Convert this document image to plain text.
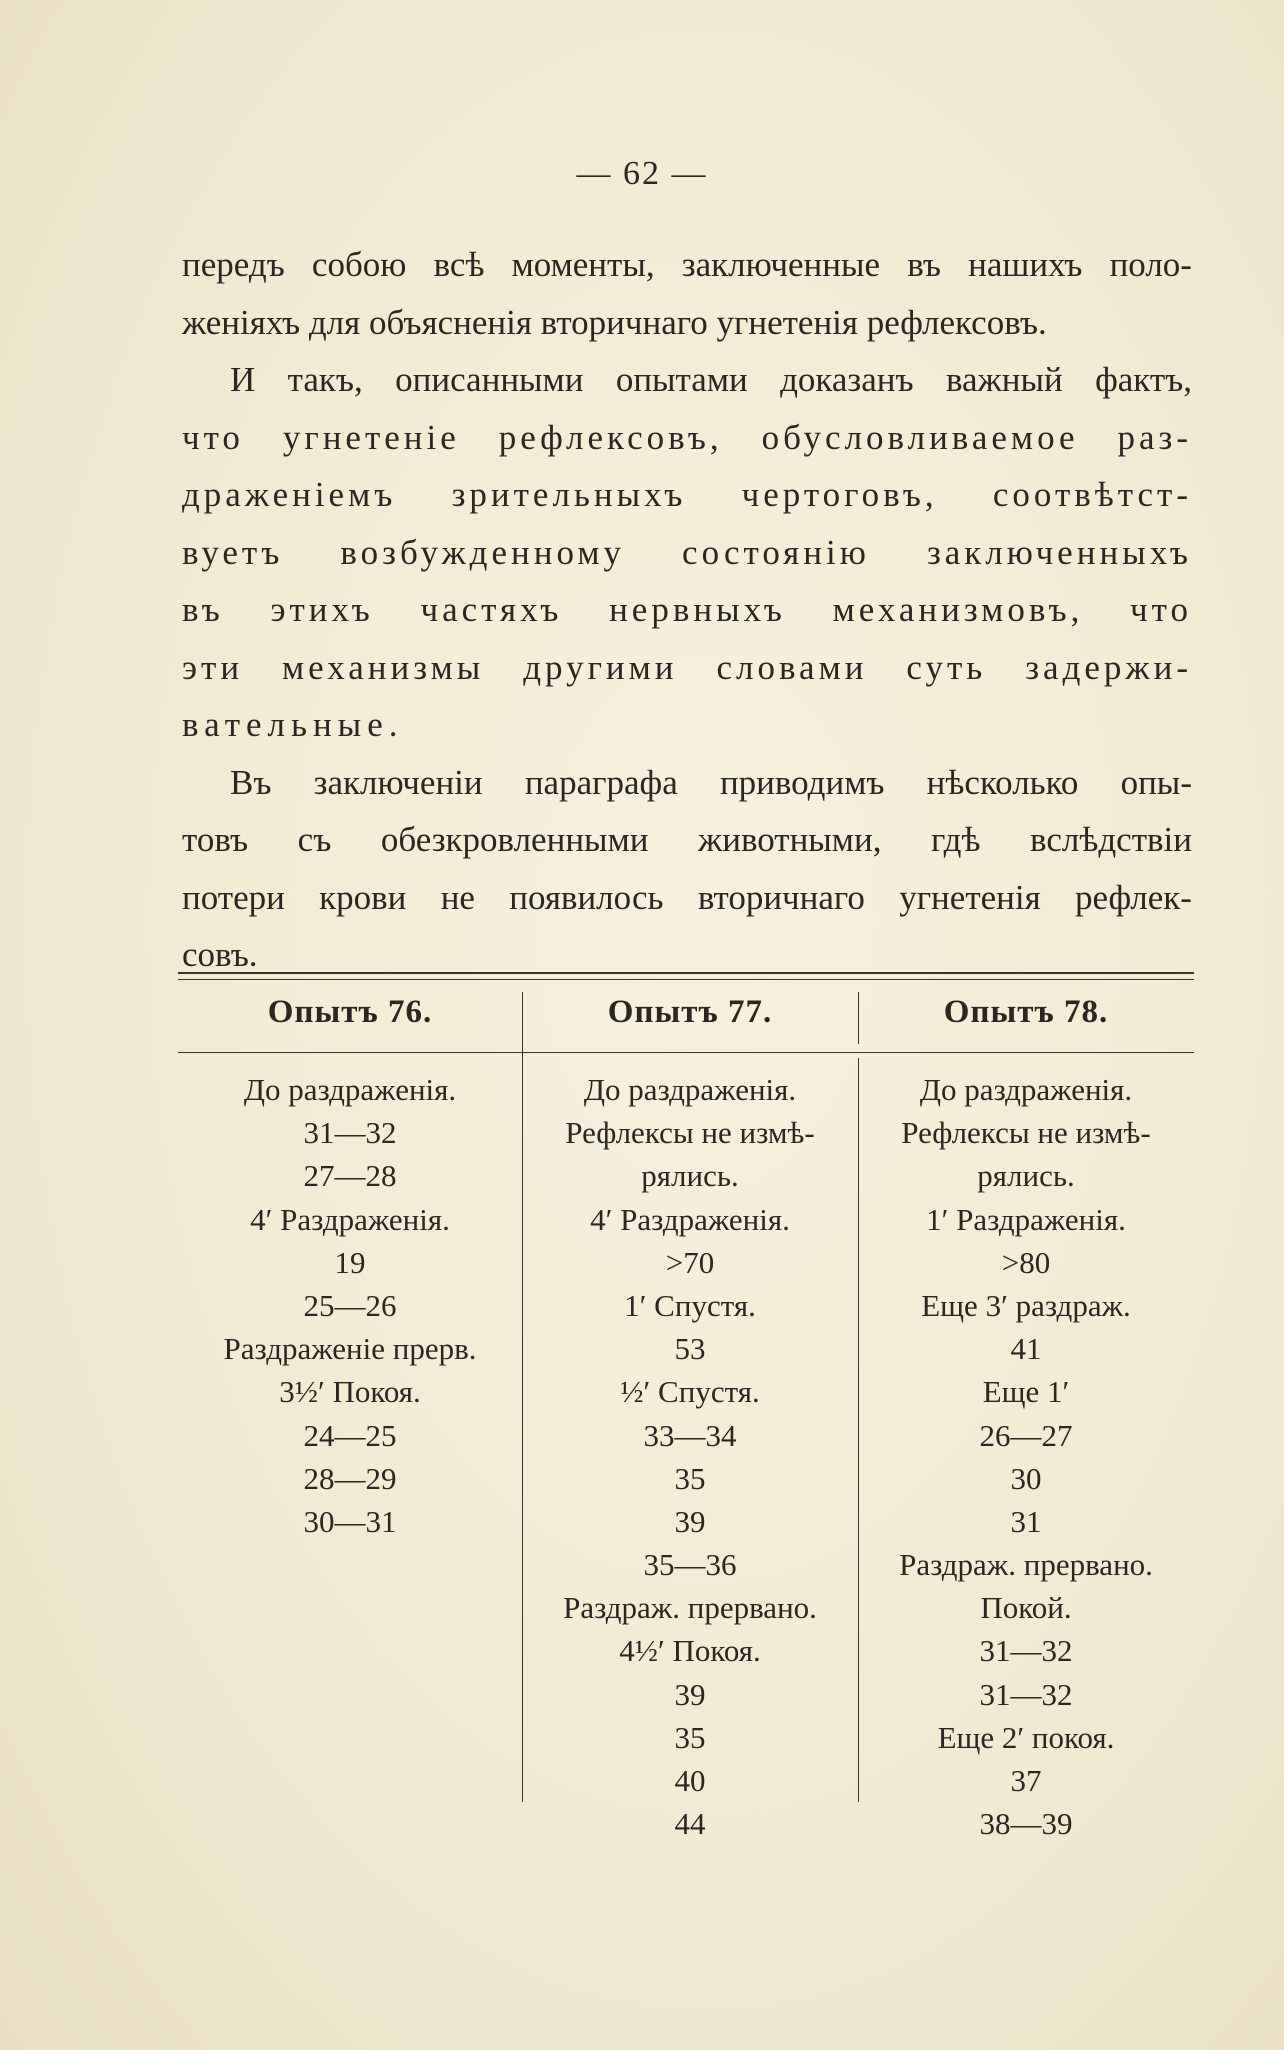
— 62 —
передъ собою всѣ моменты, заключенные въ нашихъ поло-
женіяхъ для объясненія вторичнаго угнетенія рефлексовъ.
И такъ, описанными опытами доказанъ важный фактъ,
что угнетеніе рефлексовъ, обусловливаемое раз-
драженіемъ зрительныхъ чертоговъ, соотвѣтст-
вуетъ возбужденному состоянію заключенныхъ
въ этихъ частяхъ нервныхъ механизмовъ, что
эти механизмы другими словами суть задержи-
вательные.
Въ заключеніи параграфа приводимъ нѣсколько опы-
товъ съ обезкровленными животными, гдѣ вслѣдствіи
потери крови не появилось вторичнаго угнетенія рефлек-
совъ.
Опытъ 76.	Опытъ 77.	Опытъ 78.
До раздраженія.
31—32
27—28
4′ Раздраженія.
19
25—26
Раздраженіе прерв.
3½′ Покоя.
24—25
28—29
30—31
До раздраженія.
Рефлексы не измѣ-
рялись.
4′ Раздраженія.
>70
1′ Спустя.
53
½′ Спустя.
33—34
35
39
35—36
Раздраж. прервано.
4½′ Покоя.
39
35
40
44
До раздраженія.
Рефлексы не измѣ-
рялись.
1′ Раздраженія.
>80
Еще 3′ раздраж.
41
Еще 1′
26—27
30
31
Раздраж. прервано.
Покой.
31—32
31—32
Еще 2′ покоя.
37
38—39
